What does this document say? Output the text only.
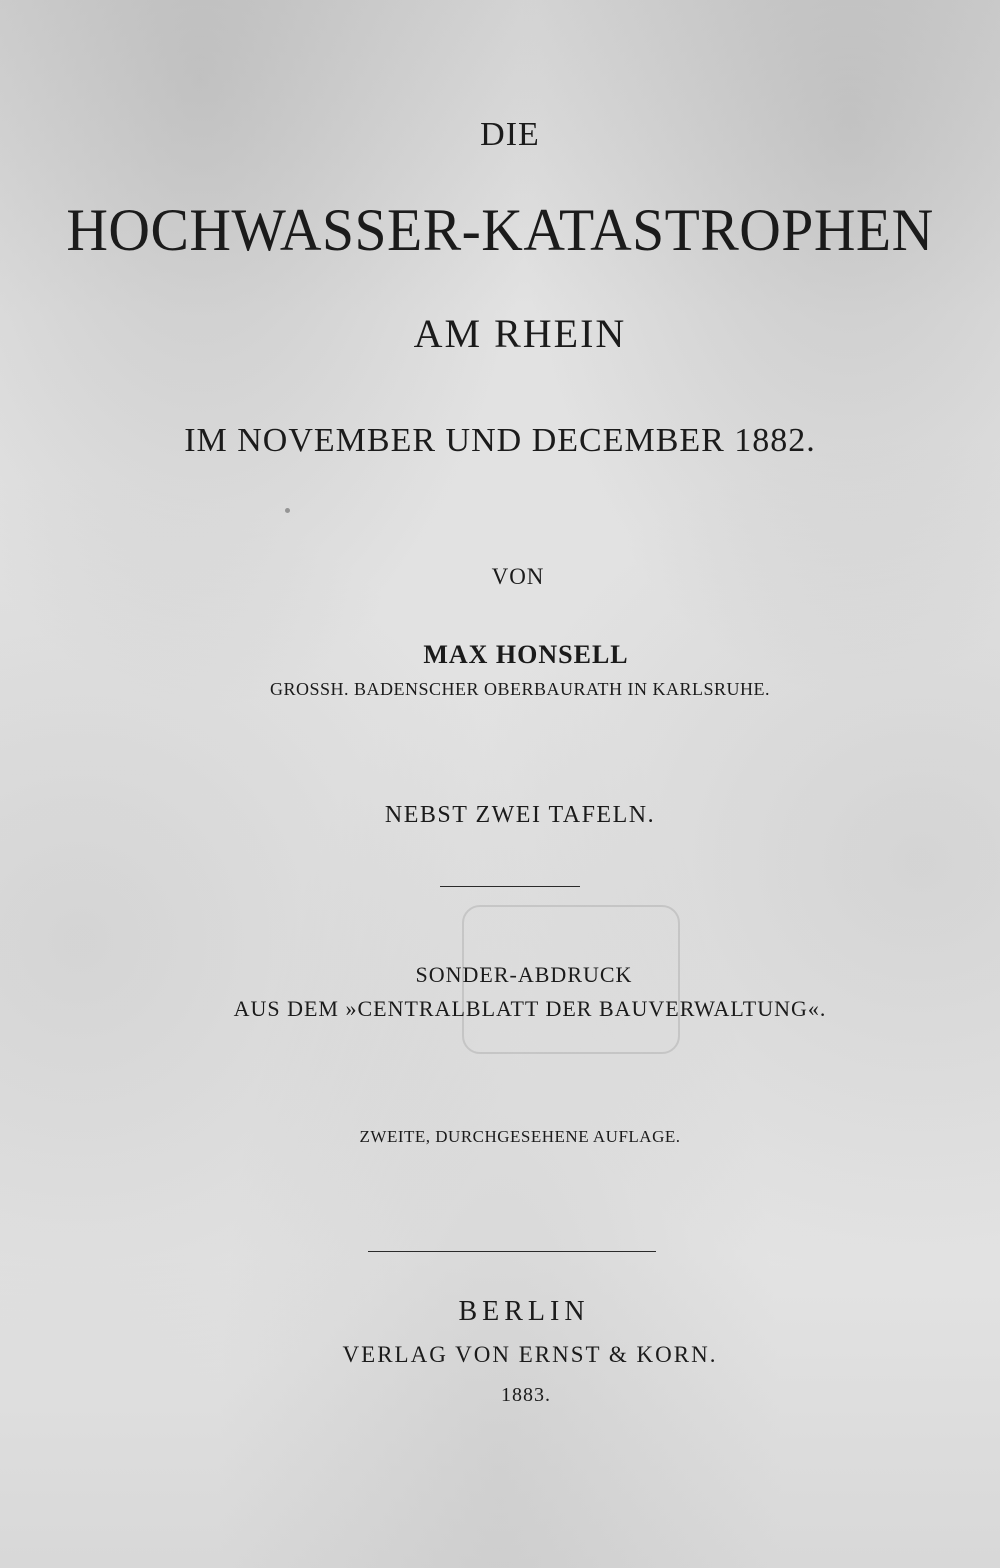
DIE
HOCHWASSER-KATASTROPHEN
AM RHEIN
IM NOVEMBER UND DECEMBER 1882.
VON
MAX HONSELL
GROSSH. BADENSCHER OBERBAURATH IN KARLSRUHE.
NEBST ZWEI TAFELN.
SONDER-ABDRUCK
AUS DEM »CENTRALBLATT DER BAUVERWALTUNG«.
ZWEITE, DURCHGESEHENE AUFLAGE.
BERLIN
VERLAG VON ERNST & KORN.
1883.
